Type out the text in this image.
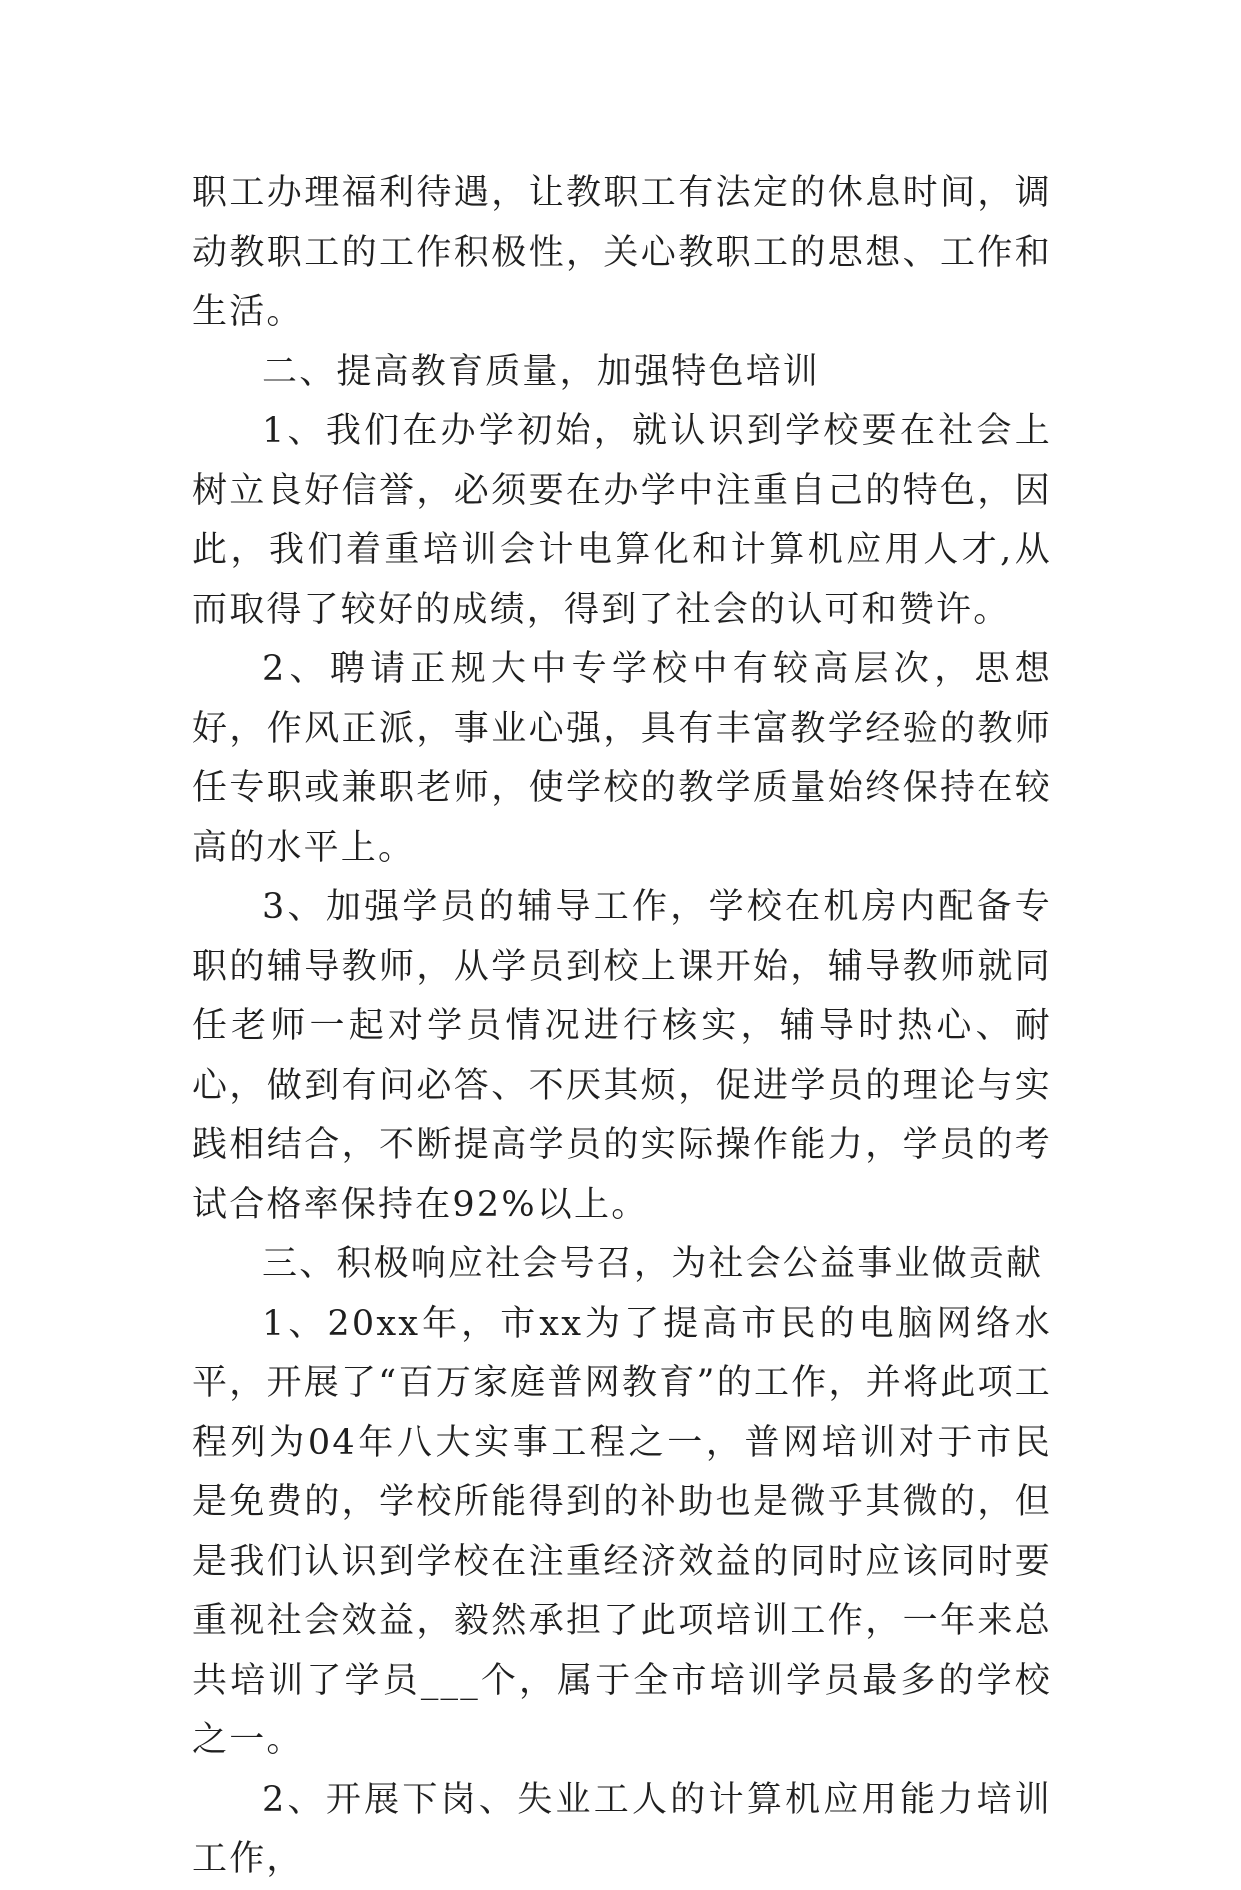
职工办理福利待遇，让教职工有法定的休息时间，调动教职工的工作积极性，关心教职工的思想、工作和生活。

二、提高教育质量，加强特色培训

1、我们在办学初始，就认识到学校要在社会上树立良好信誉，必须要在办学中注重自己的特色，因此，我们着重培训会计电算化和计算机应用人才,从而取得了较好的成绩，得到了社会的认可和赞许。

2、聘请正规大中专学校中有较高层次，思想好，作风正派，事业心强，具有丰富教学经验的教师任专职或兼职老师，使学校的教学质量始终保持在较高的水平上。

3、加强学员的辅导工作，学校在机房内配备专职的辅导教师，从学员到校上课开始，辅导教师就同任老师一起对学员情况进行核实，辅导时热心、耐心，做到有问必答、不厌其烦，促进学员的理论与实践相结合，不断提高学员的实际操作能力，学员的考试合格率保持在92%以上。

三、积极响应社会号召，为社会公益事业做贡献

1、20xx年，市xx为了提高市民的电脑网络水平，开展了“百万家庭普网教育”的工作，并将此项工程列为04年八大实事工程之一，普网培训对于市民是免费的，学校所能得到的补助也是微乎其微的，但是我们认识到学校在注重经济效益的同时应该同时要重视社会效益，毅然承担了此项培训工作，一年来总共培训了学员___个，属于全市培训学员最多的学校之一。

2、开展下岗、失业工人的计算机应用能力培训工作，
